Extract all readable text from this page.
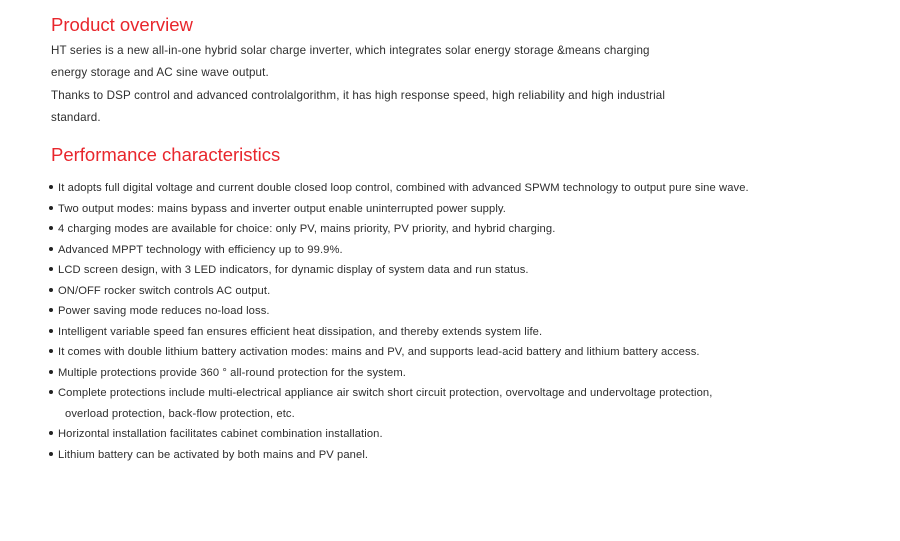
Product overview
HT series is a new all-in-one hybrid solar charge inverter, which integrates solar energy storage &means charging
energy storage and AC sine wave output.
Thanks to DSP control and advanced controlalgorithm, it has high response speed, high reliability and high industrial
standard.
Performance characteristics
It adopts full digital voltage and current double closed loop control, combined with advanced SPWM technology to output pure sine wave.
Two output modes: mains bypass and inverter output enable uninterrupted power supply.
4 charging modes are available for choice: only PV, mains priority, PV priority, and hybrid charging.
Advanced MPPT technology with efficiency up to 99.9%.
LCD screen design, with 3 LED indicators, for dynamic display of system data and run status.
ON/OFF rocker switch controls AC output.
Power saving mode reduces no-load loss.
Intelligent variable speed fan ensures efficient heat dissipation, and thereby extends system life.
It comes with double lithium battery activation modes: mains and PV, and supports lead-acid battery and lithium battery access.
Multiple protections provide 360 ° all-round protection for the system.
Complete protections include multi-electrical appliance air switch short circuit protection, overvoltage and undervoltage protection,
overload protection, back-flow protection, etc.
Horizontal installation facilitates cabinet combination installation.
Lithium battery can be activated by both mains and PV panel.
